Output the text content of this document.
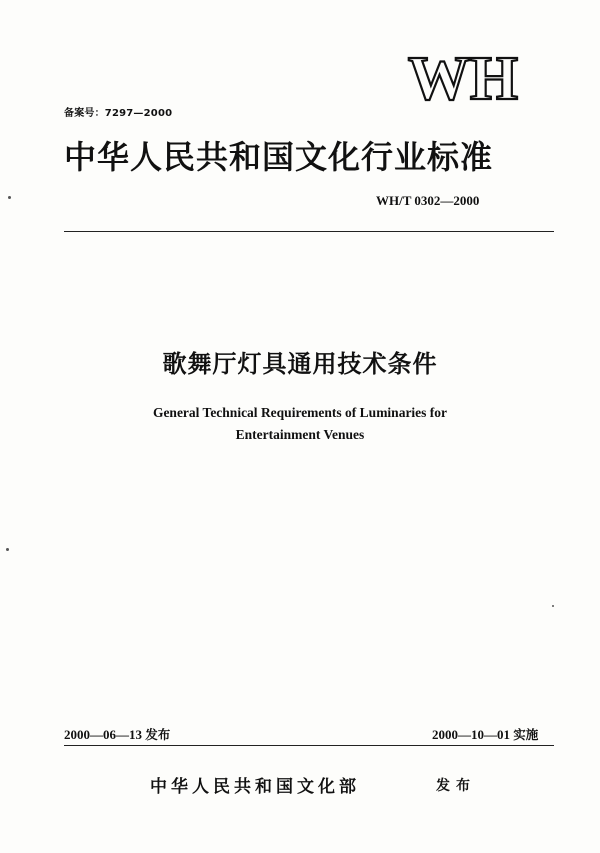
WH
备案号：7297—2000
中华人民共和国文化行业标准
WH/T 0302—2000
歌舞厅灯具通用技术条件
General Technical Requirements of Luminaries for
Entertainment Venues
2000—06—13 发布	2000—10—01 实施
中华人民共和国文化部	发布
